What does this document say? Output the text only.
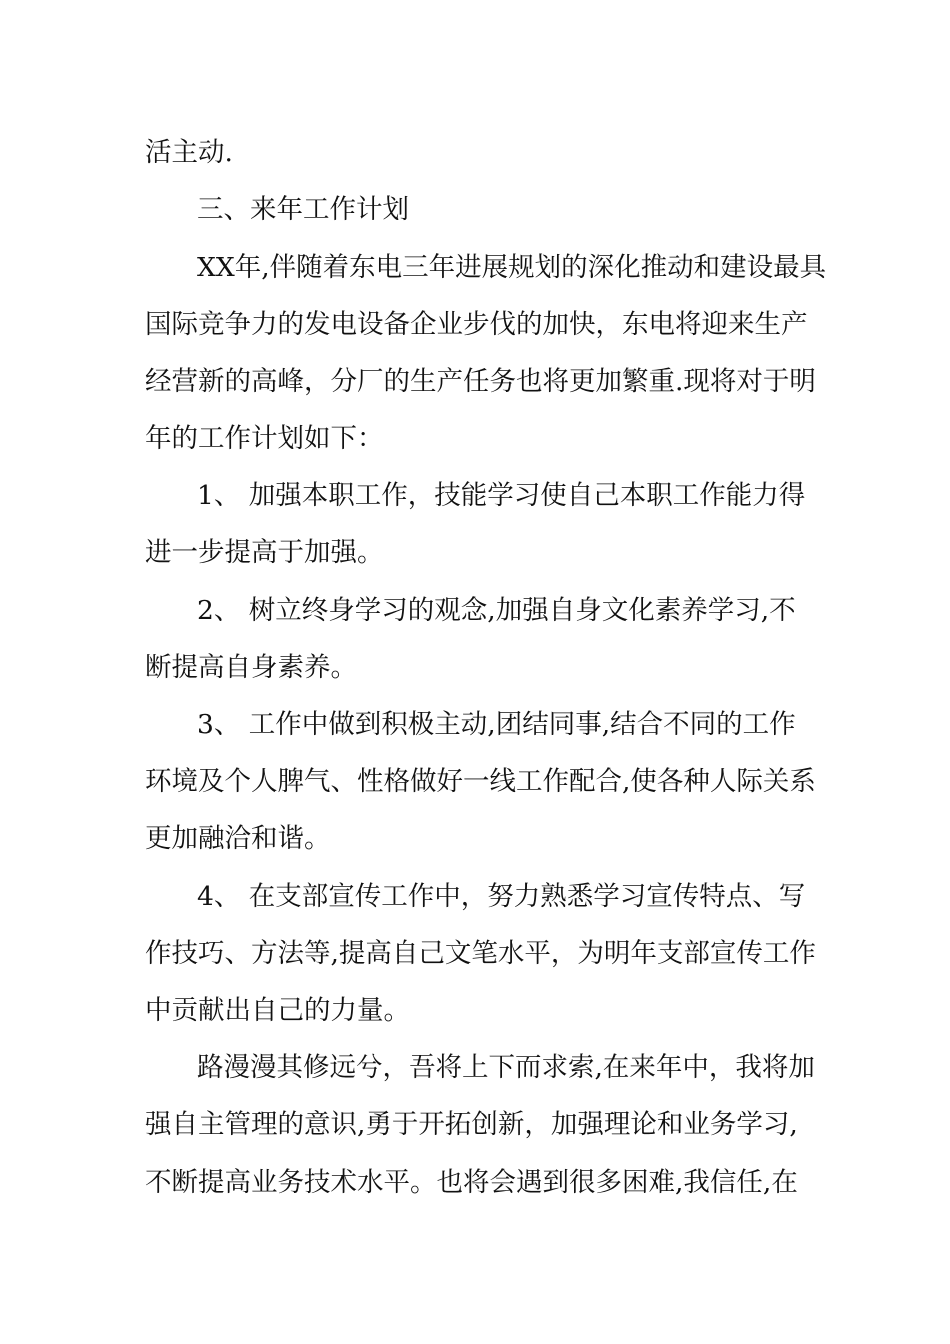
活主动.
三、来年工作计划
XX年,伴随着东电三年进展规划的深化推动和建设最具
国际竞争力的发电设备企业步伐的加快，东电将迎来生产
经营新的高峰，分厂的生产任务也将更加繁重.现将对于明
年的工作计划如下：
1、 加强本职工作，技能学习使自己本职工作能力得
进一步提高于加强。
2、 树立终身学习的观念,加强自身文化素养学习,不
断提高自身素养。
3、 工作中做到积极主动,团结同事,结合不同的工作
环境及个人脾气、性格做好一线工作配合,使各种人际关系
更加融洽和谐。
4、 在支部宣传工作中，努力熟悉学习宣传特点、写
作技巧、方法等,提高自己文笔水平，为明年支部宣传工作
中贡献出自己的力量。
路漫漫其修远兮，吾将上下而求索,在来年中，我将加
强自主管理的意识,勇于开拓创新，加强理论和业务学习,
不断提高业务技术水平。也将会遇到很多困难,我信任,在
